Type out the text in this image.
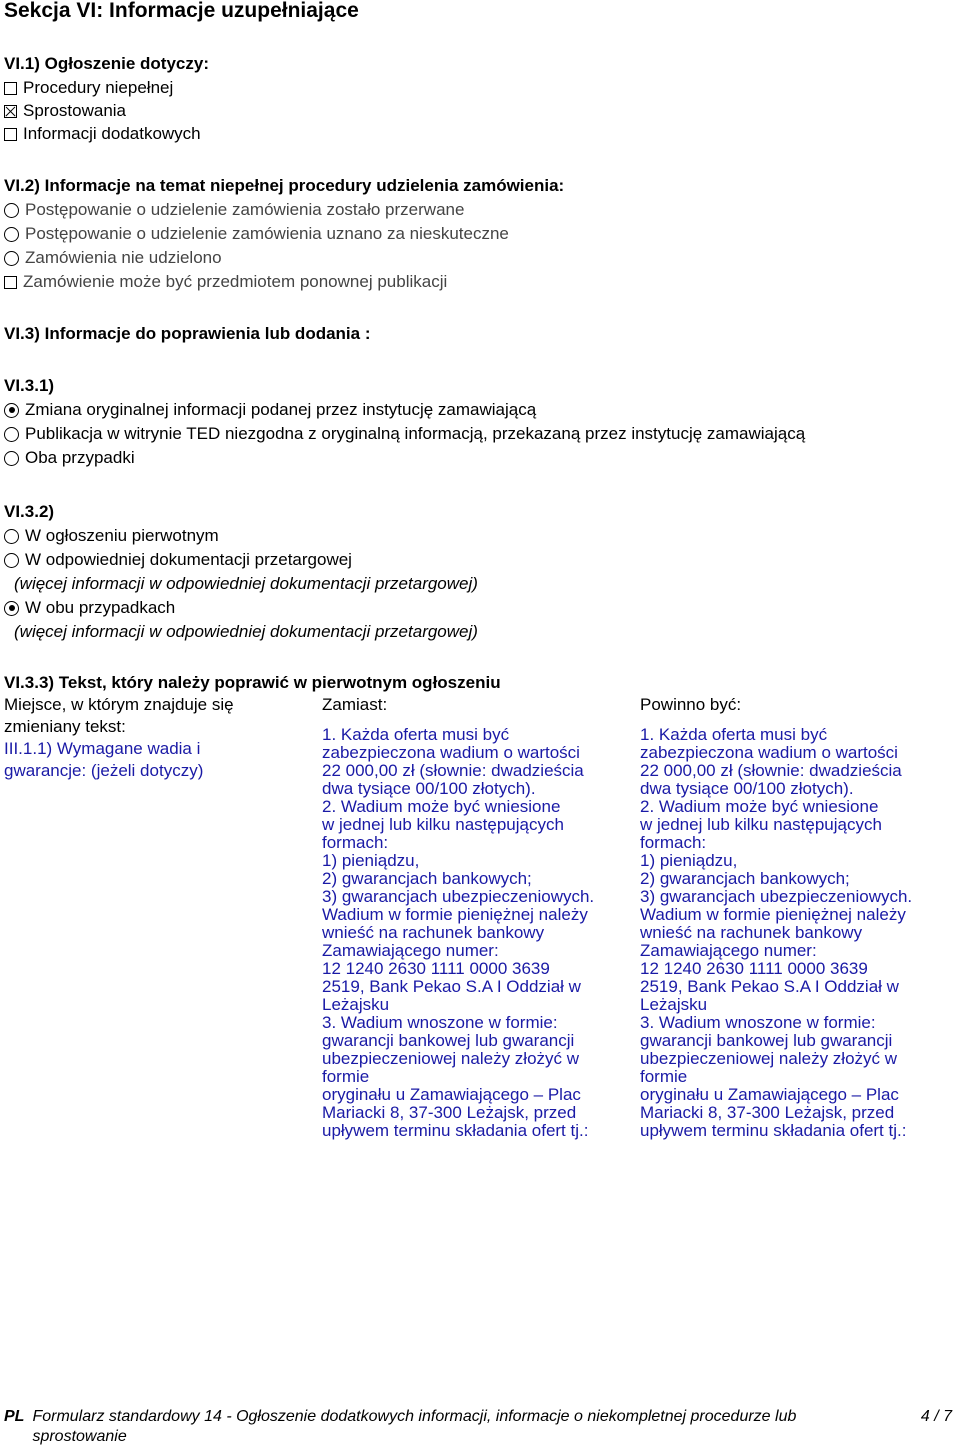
Sekcja VI: Informacje uzupełniające
VI.1) Ogłoszenie dotyczy:
Procedury niepełnej
Sprostowania
Informacji dodatkowych
VI.2) Informacje na temat niepełnej procedury udzielenia zamówienia:
Postępowanie o udzielenie zamówienia zostało przerwane
Postępowanie o udzielenie zamówienia uznano za nieskuteczne
Zamówienia nie udzielono
Zamówienie może być przedmiotem ponownej publikacji
VI.3) Informacje do poprawienia lub dodania :
VI.3.1)
Zmiana oryginalnej informacji podanej przez instytucję zamawiającą
Publikacja w witrynie TED niezgodna z oryginalną informacją, przekazaną przez instytucję zamawiającą
Oba przypadki
VI.3.2)
W ogłoszeniu pierwotnym
W odpowiedniej dokumentacji przetargowej
(więcej informacji w odpowiedniej dokumentacji przetargowej)
W obu przypadkach
(więcej informacji w odpowiedniej dokumentacji przetargowej)
VI.3.3) Tekst, który należy poprawić w pierwotnym ogłoszeniu
Miejsce, w którym znajduje się zmieniany tekst:
III.1.1) Wymagane wadia i gwarancje: (jeżeli dotyczy)
Zamiast:
1. Każda oferta musi być
zabezpieczona wadium o wartości
22 000,00 zł (słownie: dwadzieścia
dwa tysiące 00/100 złotych).
2. Wadium może być wniesione
w jednej lub kilku następujących
formach:
1) pieniądzu,
2) gwarancjach bankowych;
3) gwarancjach ubezpieczeniowych.
Wadium w formie pieniężnej należy
wnieść na rachunek bankowy
Zamawiającego numer:
12 1240 2630 1111 0000 3639
2519, Bank Pekao S.A I Oddział w
Leżajsku
3. Wadium wnoszone w formie:
gwarancji bankowej lub gwarancji
ubezpieczeniowej należy złożyć w
formie
oryginału u Zamawiającego – Plac
Mariacki 8, 37-300 Leżajsk, przed
upływem terminu składania ofert tj.:
Powinno być:
1. Każda oferta musi być
zabezpieczona wadium o wartości
22 000,00 zł (słownie: dwadzieścia
dwa tysiące 00/100 złotych).
2. Wadium może być wniesione
w jednej lub kilku następujących
formach:
1) pieniądzu,
2) gwarancjach bankowych;
3) gwarancjach ubezpieczeniowych.
Wadium w formie pieniężnej należy
wnieść na rachunek bankowy
Zamawiającego numer:
12 1240 2630 1111 0000 3639
2519, Bank Pekao S.A I Oddział w
Leżajsku
3. Wadium wnoszone w formie:
gwarancji bankowej lub gwarancji
ubezpieczeniowej należy złożyć w
formie
oryginału u Zamawiającego – Plac
Mariacki 8, 37-300 Leżajsk, przed
upływem terminu składania ofert tj.:
PL Formularz standardowy 14 - Ogłoszenie dodatkowych informacji, informacje o niekompletnej procedurze lub sprostowanie
4 / 7
